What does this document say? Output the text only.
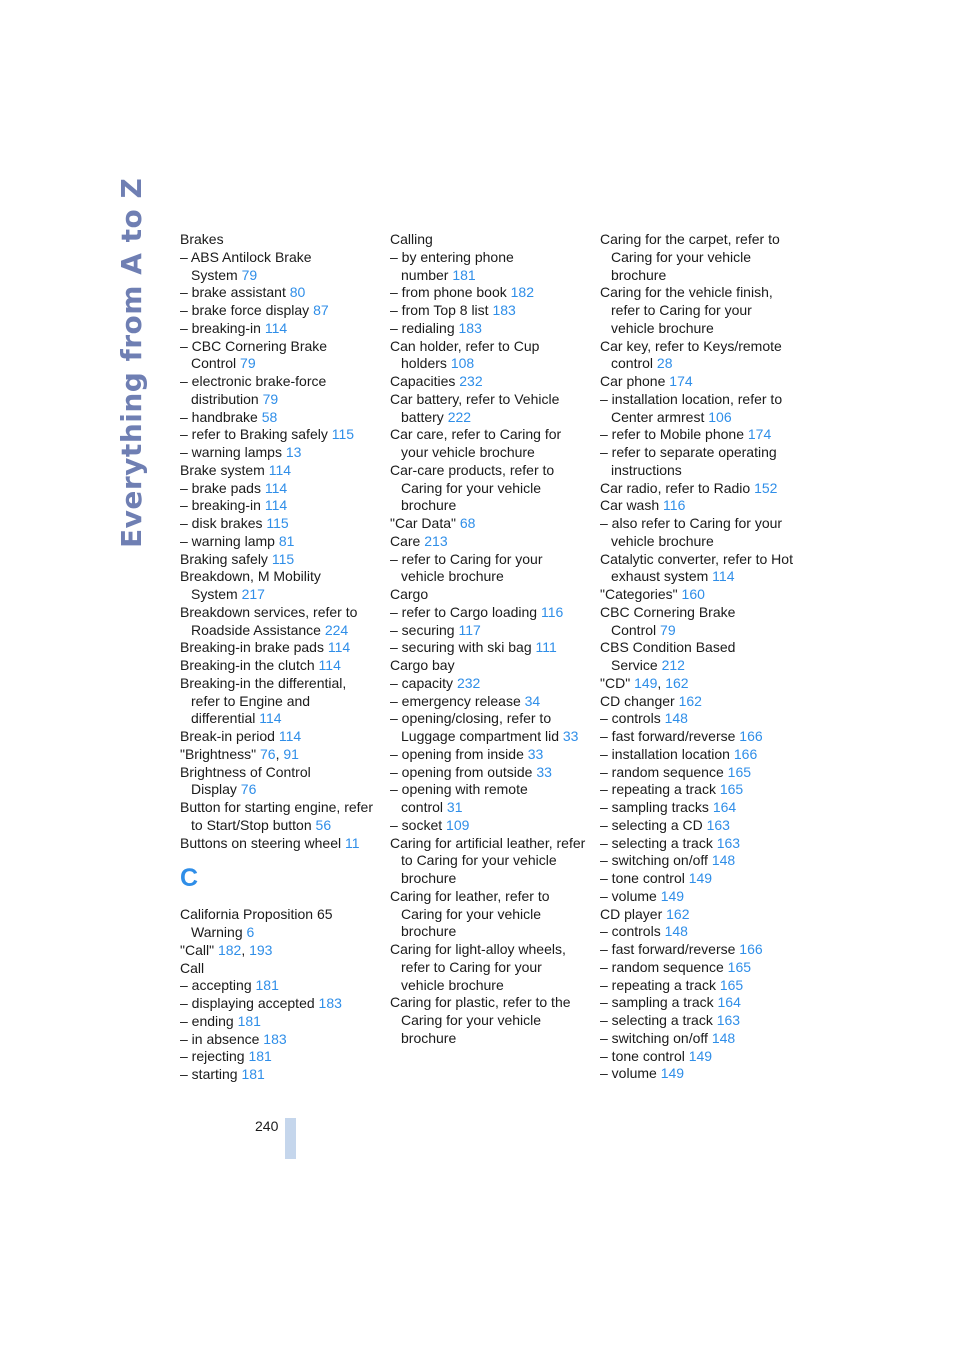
Everything from A to Z	Brakes
– ABS Antilock Brake System 79
– brake assistant 80
– brake force display 87
– breaking-in 114
– CBC Cornering Brake Control 79
– electronic brake-force distribution 79
– handbrake 58
– refer to Braking safely 115
– warning lamps 13
Brake system 114
– brake pads 114
– breaking-in 114
– disk brakes 115
– warning lamp 81
Braking safely 115
Breakdown, M Mobility System 217
Breakdown services, refer to Roadside Assistance 224
Breaking-in brake pads 114
Breaking-in the clutch 114
Breaking-in the differential, refer to Engine and differential 114
Break-in period 114
"Brightness" 76, 91
Brightness of Control Display 76
Button for starting engine, refer to Start/Stop button 56
Buttons on steering wheel 11
C
California Proposition 65 Warning 6
"Call" 182, 193
Call
– accepting 181
– displaying accepted 183
– ending 181
– in absence 183
– rejecting 181
– starting 181
Calling
– by entering phone number 181
– from phone book 182
– from Top 8 list 183
– redialing 183
Can holder, refer to Cup holders 108
Capacities 232
Car battery, refer to Vehicle battery 222
Car care, refer to Caring for your vehicle brochure
Car-care products, refer to Caring for your vehicle brochure
"Car Data" 68
Care 213
– refer to Caring for your vehicle brochure
Cargo
– refer to Cargo loading 116
– securing 117
– securing with ski bag 111
Cargo bay
– capacity 232
– emergency release 34
– opening/closing, refer to Luggage compartment lid 33
– opening from inside 33
– opening from outside 33
– opening with remote control 31
– socket 109
Caring for artificial leather, refer to Caring for your vehicle brochure
Caring for leather, refer to Caring for your vehicle brochure
Caring for light-alloy wheels, refer to Caring for your vehicle brochure
Caring for plastic, refer to the Caring for your vehicle brochure
Caring for the carpet, refer to Caring for your vehicle brochure
Caring for the vehicle finish, refer to Caring for your vehicle brochure
Car key, refer to Keys/remote control 28
Car phone 174
– installation location, refer to Center armrest 106
– refer to Mobile phone 174
– refer to separate operating instructions
Car radio, refer to Radio 152
Car wash 116
– also refer to Caring for your vehicle brochure
Catalytic converter, refer to Hot exhaust system 114
"Categories" 160
CBC Cornering Brake Control 79
CBS Condition Based Service 212
"CD" 149, 162
CD changer 162
– controls 148
– fast forward/reverse 166
– installation location 166
– random sequence 165
– repeating a track 165
– sampling tracks 164
– selecting a CD 163
– selecting a track 163
– switching on/off 148
– tone control 149
– volume 149
CD player 162
– controls 148
– fast forward/reverse 166
– random sequence 165
– repeating a track 165
– sampling a track 164
– selecting a track 163
– switching on/off 148
– tone control 149
– volume 149
240
